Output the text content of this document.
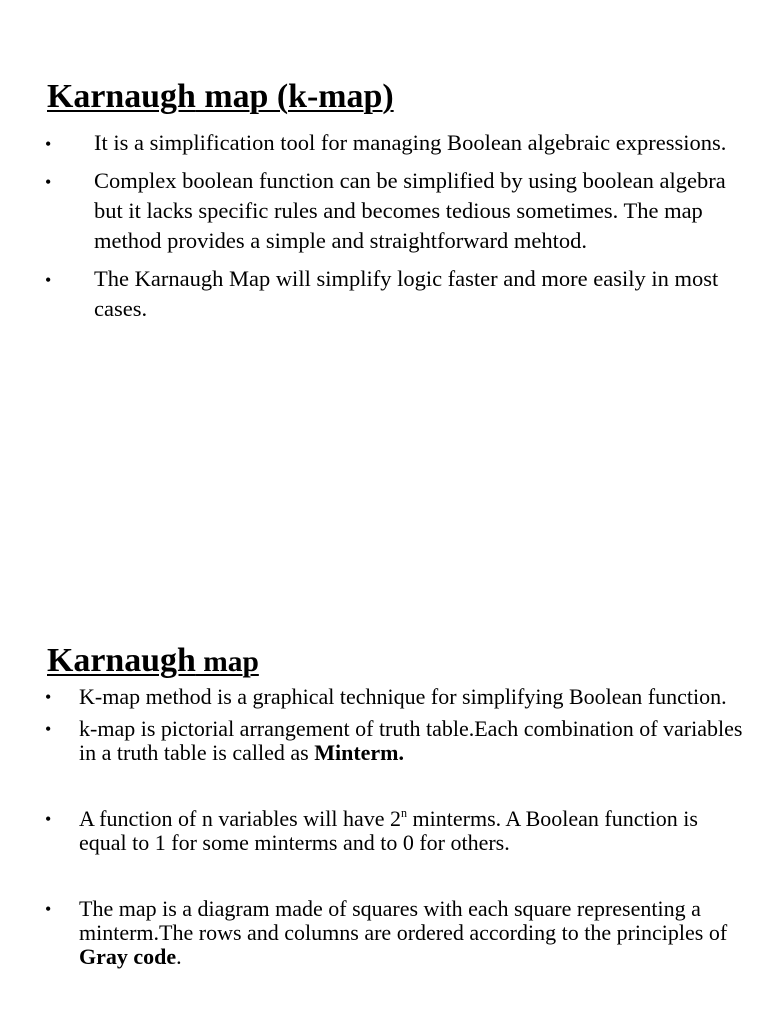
Karnaugh map (k-map)
• It is a simplification tool for managing Boolean algebraic expressions.
• Complex boolean function can be simplified by using boolean algebra but it lacks specific rules and becomes tedious sometimes. The map method provides a simple and straightforward mehtod.
• The Karnaugh Map will simplify logic faster and more easily in most cases.
Karnaugh map
• K-map method is a graphical technique for simplifying Boolean function.
• k-map is pictorial arrangement of truth table.Each combination of variables in a truth table is called as Minterm.
• A function of n variables will have 2$^n$ minterms. A Boolean function is equal to 1 for some minterms and to 0 for others.
• The map is a diagram made of squares with each square representing a minterm.The rows and columns are ordered according to the principles of Gray code.
